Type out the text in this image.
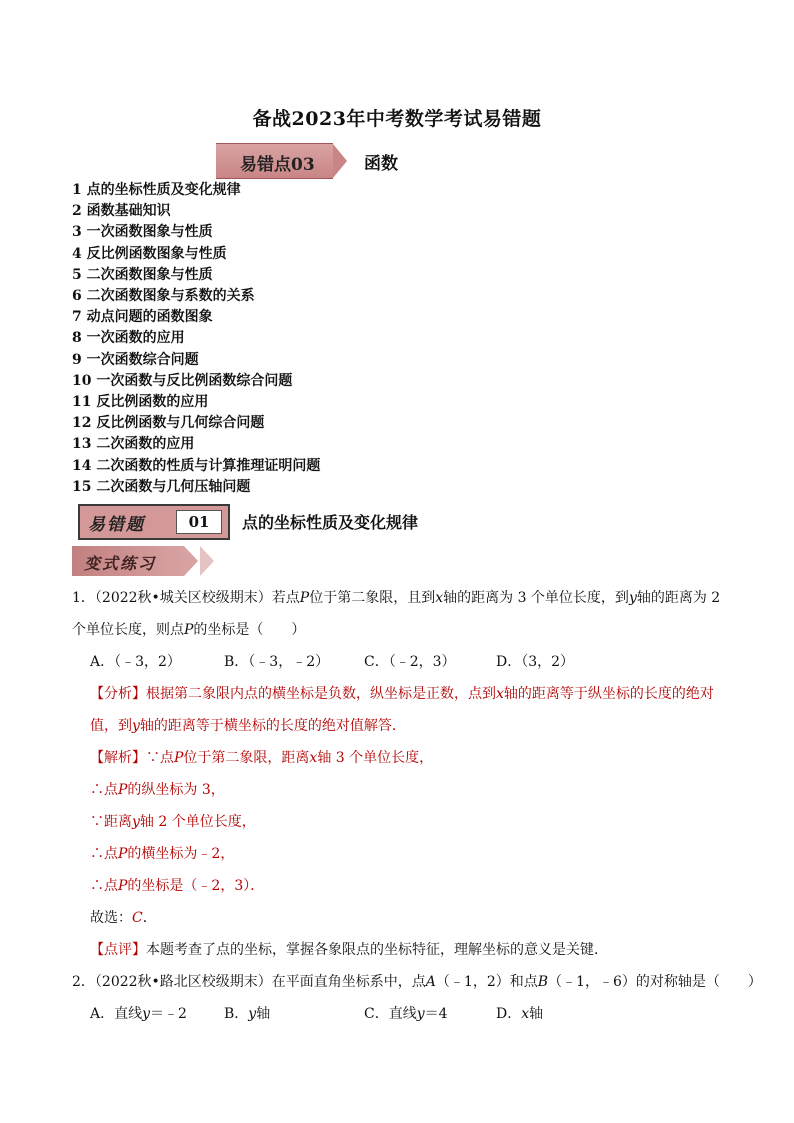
备战2023年中考数学考试易错题
易错点03	函数
1 点的坐标性质及变化规律
2 函数基础知识
3 一次函数图象与性质
4 反比例函数图象与性质
5 二次函数图象与性质
6 二次函数图象与系数的关系
7 动点问题的函数图象
8 一次函数的应用
9 一次函数综合问题
10 一次函数与反比例函数综合问题
11 反比例函数的应用
12 反比例函数与几何综合问题
13 二次函数的应用
14 二次函数的性质与计算推理证明问题
15 二次函数与几何压轴问题
易错题	01	点的坐标性质及变化规律
变式练习
1．（2022秋•城关区校级期末）若点P位于第二象限，且到x轴的距离为 3 个单位长度，到y轴的距离为 2
个单位长度，则点P的坐标是（　　）
A．（﹣3，2）	B．（﹣3，﹣2） C．（﹣2，3）	D．（3，2）
【分析】根据第二象限内点的横坐标是负数，纵坐标是正数，点到x轴的距离等于纵坐标的长度的绝对
值，到y轴的距离等于横坐标的长度的绝对值解答．
【解析】∵点P位于第二象限，距离x轴 3 个单位长度，
∴点P的纵坐标为 3，
∵距离y轴 2 个单位长度，
∴点P的横坐标为﹣2，
∴点P的坐标是（﹣2，3）．
故选：C．
【点评】本题考查了点的坐标，掌握各象限点的坐标特征，理解坐标的意义是关键．
2．（2022秋•路北区校级期末）在平面直角坐标系中，点A（﹣1，2）和点B（﹣1，﹣6）的对称轴是（　　）
A．直线y＝﹣2	B．y轴	C．直线y＝4	D．x轴
